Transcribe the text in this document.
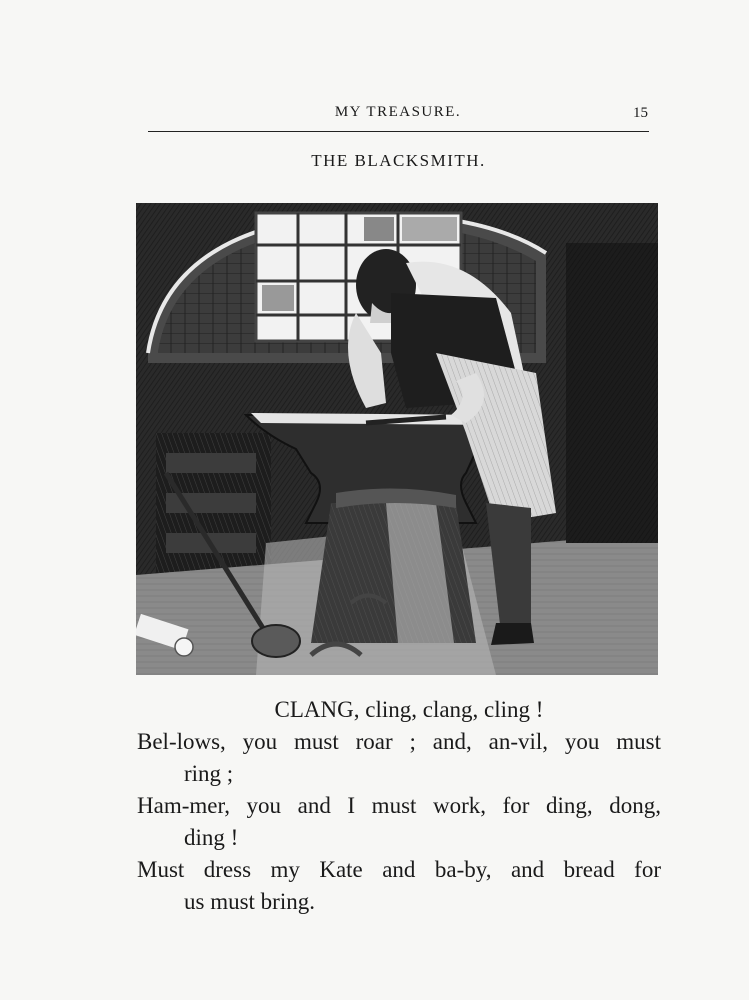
MY TREASURE.	15
THE BLACKSMITH.
CLANG, cling, clang, cling !
Bel-lows, you must roar ; and, an-vil, you must
ring ;
Ham-mer, you and I must work, for ding, dong,
ding !
Must dress my Kate and ba-by, and bread for
us must bring.
